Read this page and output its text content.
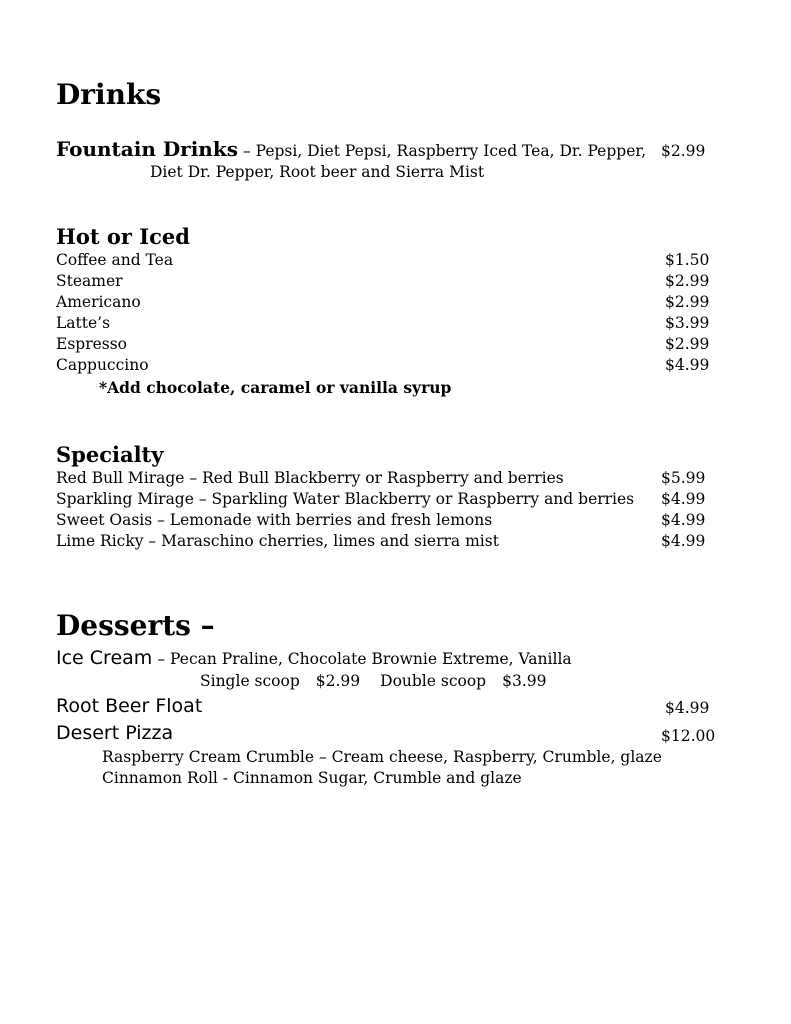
Drinks
Fountain Drinks – Pepsi, Diet Pepsi, Raspberry Iced Tea, Dr. Pepper, $2.99
Diet Dr. Pepper, Root beer and Sierra Mist
Hot or Iced
Coffee and Tea	$1.50
Steamer	$2.99
Americano	$2.99
Latte’s	$3.99
Espresso	$2.99
Cappuccino	$4.99
*Add chocolate, caramel or vanilla syrup
Specialty
Red Bull Mirage – Red Bull Blackberry or Raspberry and berries	$5.99
Sparkling Mirage – Sparkling Water Blackberry or Raspberry and berries $4.99
Sweet Oasis – Lemonade with berries and fresh lemons	$4.99
Lime Ricky – Maraschino cherries, limes and sierra mist	$4.99
Desserts –
Ice Cream – Pecan Praline, Chocolate Brownie Extreme, Vanilla
Single scoop $2.99 Double scoop $3.99
Root Beer Float	$4.99
Desert Pizza	$12.00
Raspberry Cream Crumble – Cream cheese, Raspberry, Crumble, glaze
Cinnamon Roll - Cinnamon Sugar, Crumble and glaze
